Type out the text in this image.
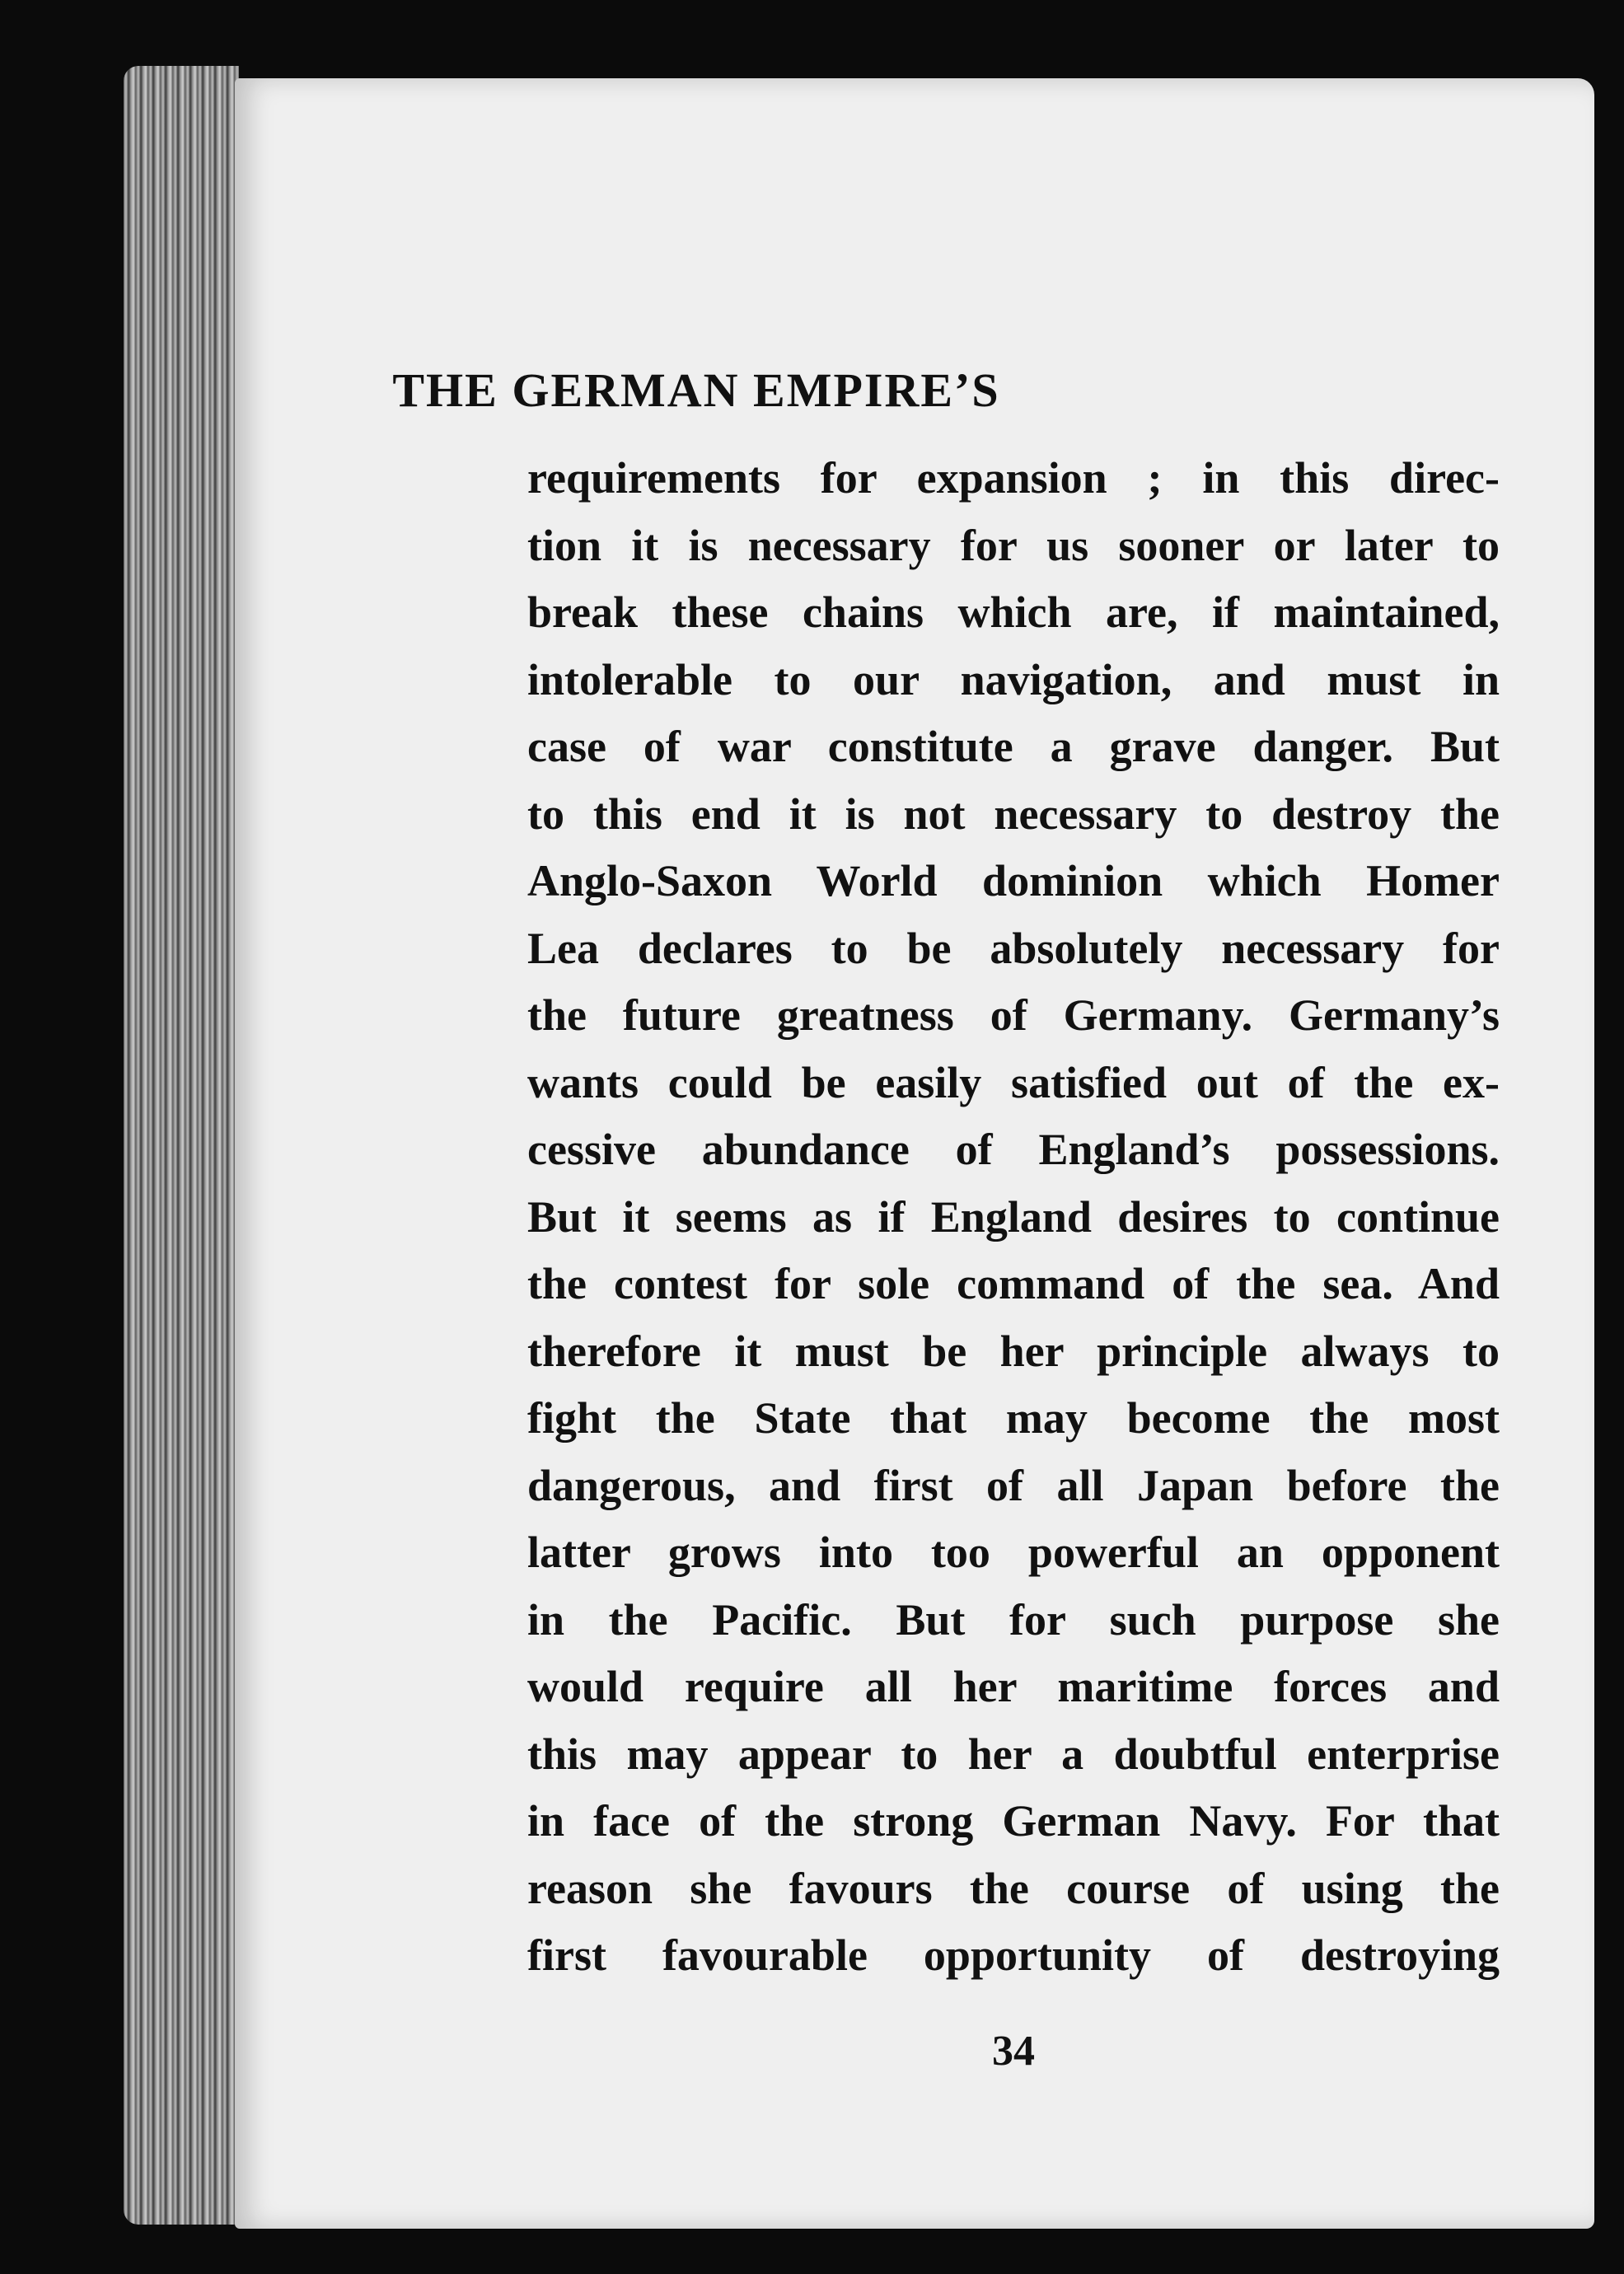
THE GERMAN EMPIRE’S
requirements for expansion ; in this direc-
tion it is necessary for us sooner or later to
break these chains which are, if maintained,
intolerable to our navigation, and must in
case of war constitute a grave danger. But
to this end it is not necessary to destroy the
Anglo-Saxon World dominion which Homer
Lea declares to be absolutely necessary for
the future greatness of Germany. Germany’s
wants could be easily satisfied out of the ex-
cessive abundance of England’s possessions.
But it seems as if England desires to continue
the contest for sole command of the sea. And
therefore it must be her principle always to
fight the State that may become the most
dangerous, and first of all Japan before the
latter grows into too powerful an opponent
in the Pacific. But for such purpose she
would require all her maritime forces and
this may appear to her a doubtful enterprise
in face of the strong German Navy. For that
reason she favours the course of using the
first favourable opportunity of destroying
34
